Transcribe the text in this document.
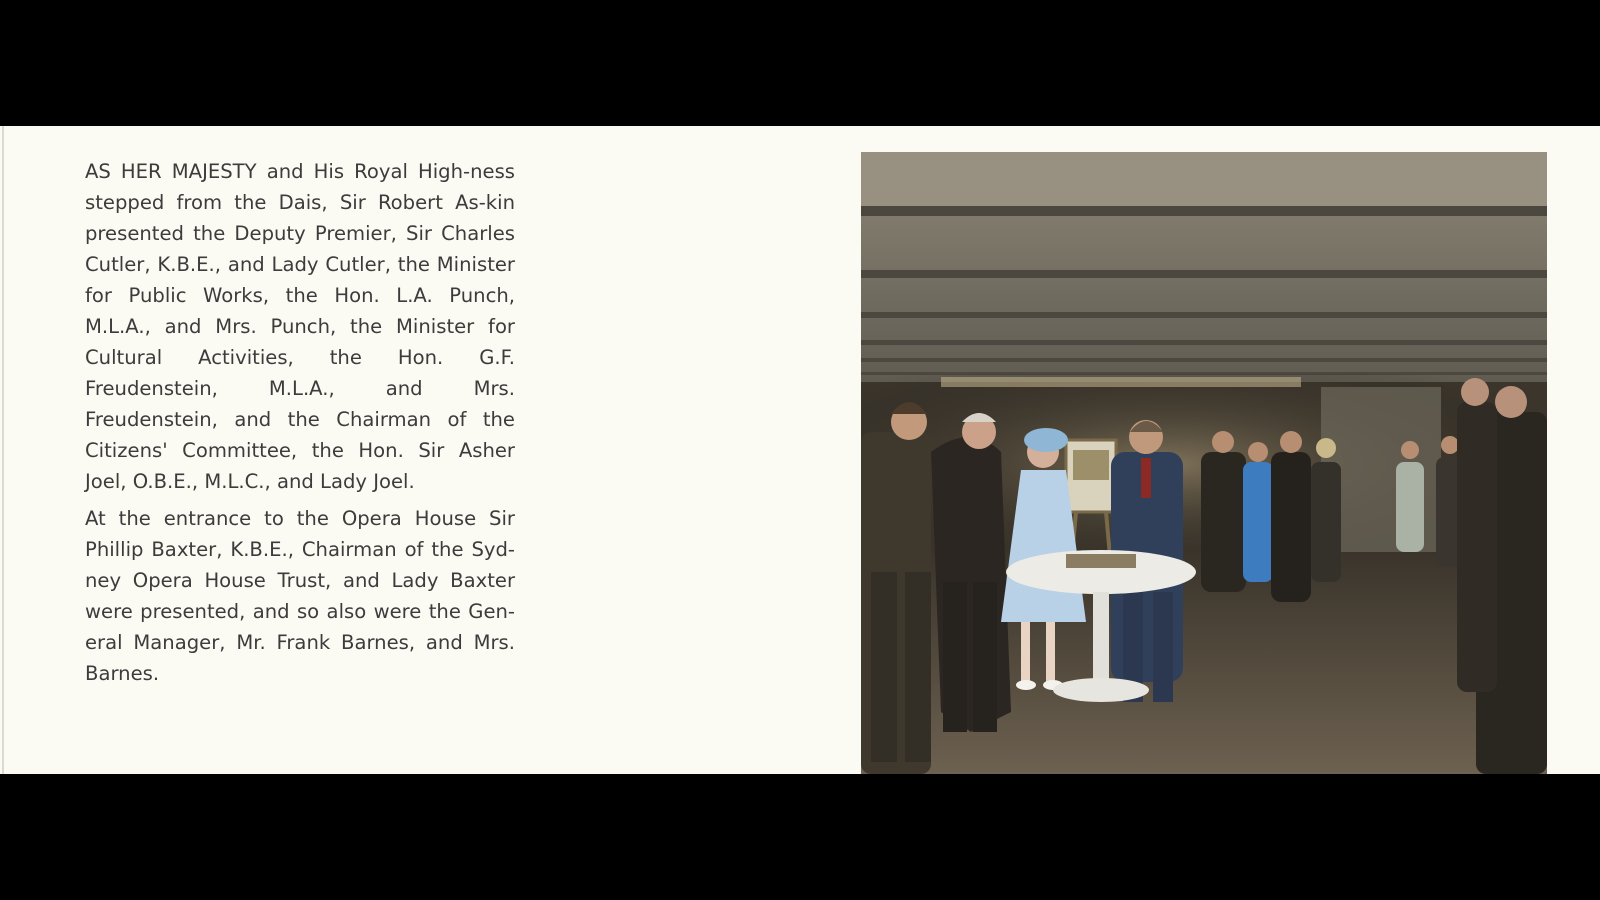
AS HER MAJESTY and His Royal High-ness stepped from the Dais, Sir Robert As-kin presented the Deputy Premier, Sir Charles Cutler, K.B.E., and Lady Cutler, the Minister for Public Works, the Hon. L.A. Punch, M.L.A., and Mrs. Punch, the Minister for Cultural Activities, the Hon. G.F. Freudenstein, M.L.A., and Mrs. Freudenstein, and the Chairman of the Citizens' Committee, the Hon. Sir Asher Joel, O.B.E., M.L.C., and Lady Joel.

At the entrance to the Opera House Sir Phillip Baxter, K.B.E., Chairman of the Syd-ney Opera House Trust, and Lady Baxter were presented, and so also were the Gen-eral Manager, Mr. Frank Barnes, and Mrs. Barnes.
